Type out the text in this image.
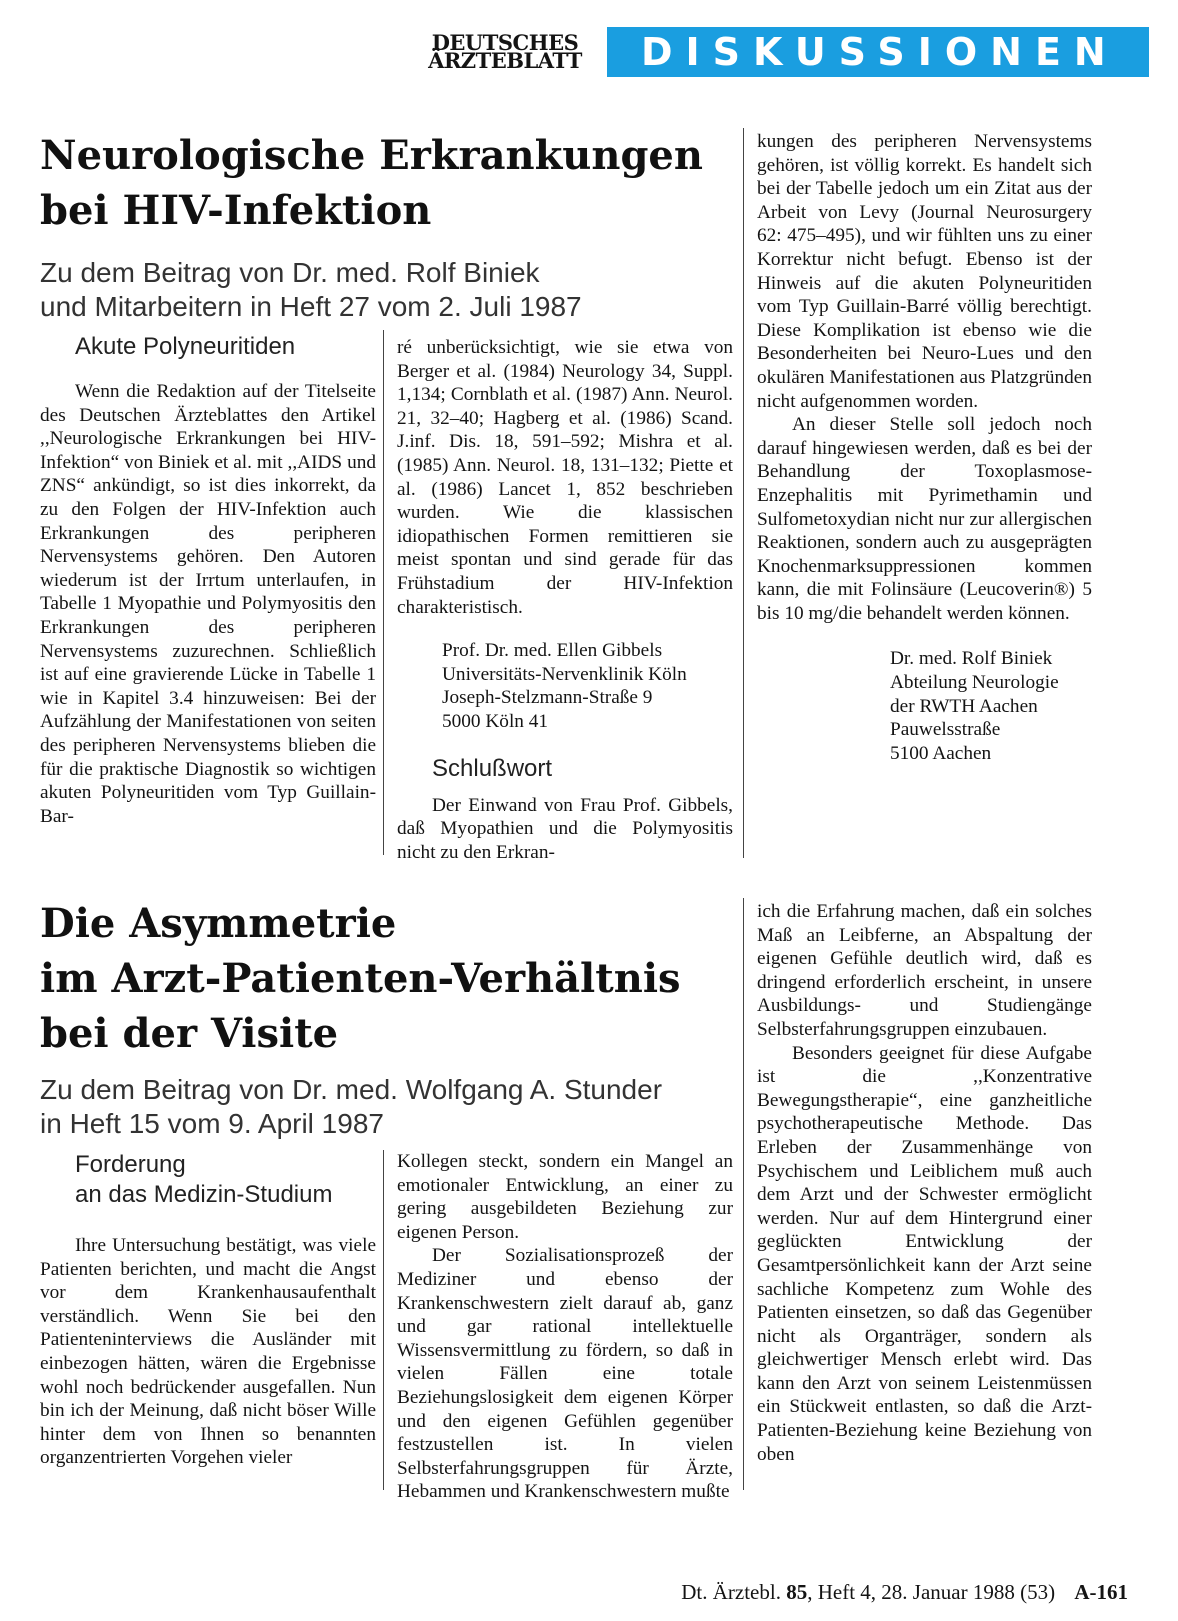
DEUTSCHES
ÄRZTEBLATT	DISKUSSIONEN
Neurologische Erkrankungen
bei HIV-Infektion

Zu dem Beitrag von Dr. med. Rolf Biniek

und Mitarbeitern in Heft 27 vom 2. Juli 1987

Akute Polyneuritiden

Wenn die Redaktion auf der Titelseite des Deutschen Ärzteblattes den Artikel ,,Neurologische Erkrankungen bei HIV-Infektion“ von Biniek et al. mit ,,AIDS und ZNS“ ankündigt, so ist dies inkorrekt, da zu den Folgen der HIV-Infektion auch Erkrankungen des peripheren Nervensystems gehören. Den Autoren wiederum ist der Irrtum unterlaufen, in Tabelle 1 Myopathie und Polymyositis den Erkrankungen des peripheren Nervensystems zuzurechnen. Schließlich ist auf eine gravierende Lücke in Tabelle 1 wie in Kapitel 3.4 hinzuweisen: Bei der Aufzählung der Manifestationen von seiten des peripheren Nervensystems blieben die für die praktische Diagnostik so wichtigen akuten Polyneuritiden vom Typ Guillain-Bar-

ré unberücksichtigt, wie sie etwa von Berger et al. (1984) Neurology 34, Suppl. 1,134; Cornblath et al. (1987) Ann. Neurol. 21, 32–40; Hagberg et al. (1986) Scand. J.inf. Dis. 18, 591–592; Mishra et al. (1985) Ann. Neurol. 18, 131–132; Piette et al. (1986) Lancet 1, 852 beschrieben wurden. Wie die klassischen idiopathischen Formen remittieren sie meist spontan und sind gerade für das Frühstadium der HIV-Infektion charakteristisch.

Prof. Dr. med. Ellen Gibbels

Universitäts-Nervenklinik Köln

Joseph-Stelzmann-Straße 9

5000 Köln 41

Schlußwort

Der Einwand von Frau Prof. Gibbels, daß Myopathien und die Polymyositis nicht zu den Erkran-

kungen des peripheren Nervensystems gehören, ist völlig korrekt. Es handelt sich bei der Tabelle jedoch um ein Zitat aus der Arbeit von Levy (Journal Neurosurgery 62: 475–495), und wir fühlten uns zu einer Korrektur nicht befugt. Ebenso ist der Hinweis auf die akuten Polyneuritiden vom Typ Guillain-Barré völlig berechtigt. Diese Komplikation ist ebenso wie die Besonderheiten bei Neuro-Lues und den okulären Manifestationen aus Platzgründen nicht aufgenommen worden.

An dieser Stelle soll jedoch noch darauf hingewiesen werden, daß es bei der Behandlung der Toxoplasmose-Enzephalitis mit Pyrimethamin und Sulfometoxydian nicht nur zur allergischen Reaktionen, sondern auch zu ausgeprägten Knochenmarksuppressionen kommen kann, die mit Folinsäure (Leucoverin®) 5 bis 10 mg/die behandelt werden können.

Dr. med. Rolf Biniek

Abteilung Neurologie

der RWTH Aachen

Pauwelsstraße

5100 Aachen

Die Asymmetrie
im Arzt-Patienten-Verhältnis
bei der Visite

Zu dem Beitrag von Dr. med. Wolfgang A. Stunder

in Heft 15 vom 9. April 1987

Forderung

an das Medizin-Studium

Ihre Untersuchung bestätigt, was viele Patienten berichten, und macht die Angst vor dem Krankenhausaufenthalt verständlich. Wenn Sie bei den Patienteninterviews die Ausländer mit einbezogen hätten, wären die Ergebnisse wohl noch bedrückender ausgefallen. Nun bin ich der Meinung, daß nicht böser Wille hinter dem von Ihnen so benannten organzentrierten Vorgehen vieler

Kollegen steckt, sondern ein Mangel an emotionaler Entwicklung, an einer zu gering ausgebildeten Beziehung zur eigenen Person.

Der Sozialisationsprozeß der Mediziner und ebenso der Krankenschwestern zielt darauf ab, ganz und gar rational intellektuelle Wissensvermittlung zu fördern, so daß in vielen Fällen eine totale Beziehungslosigkeit dem eigenen Körper und den eigenen Gefühlen gegenüber festzustellen ist. In vielen Selbsterfahrungsgruppen für Ärzte, Hebammen und Krankenschwestern mußte

ich die Erfahrung machen, daß ein solches Maß an Leibferne, an Abspaltung der eigenen Gefühle deutlich wird, daß es dringend erforderlich erscheint, in unsere Ausbildungs- und Studiengänge Selbsterfahrungsgruppen einzubauen.

Besonders geeignet für diese Aufgabe ist die ,,Konzentrative Bewegungstherapie“, eine ganzheitliche psychotherapeutische Methode. Das Erleben der Zusammenhänge von Psychischem und Leiblichem muß auch dem Arzt und der Schwester ermöglicht werden. Nur auf dem Hintergrund einer geglückten Entwicklung der Gesamtpersönlichkeit kann der Arzt seine sachliche Kompetenz zum Wohle des Patienten einsetzen, so daß das Gegenüber nicht als Organträger, sondern als gleichwertiger Mensch erlebt wird. Das kann den Arzt von seinem Leistenmüssen ein Stückweit entlasten, so daß die Arzt-Patienten-Beziehung keine Beziehung von oben

Dt. Ärztebl. 85, Heft 4, 28. Januar 1988 (53) A-161
